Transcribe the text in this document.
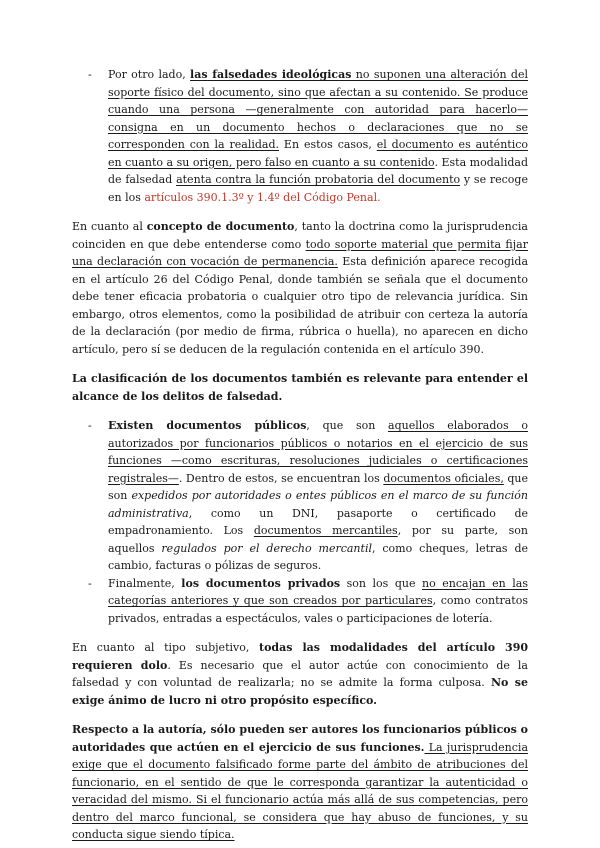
- Por otro lado, las falsedades ideológicas no suponen una alteración del soporte físico del documento, sino que afectan a su contenido. Se produce cuando una persona —generalmente con autoridad para hacerlo— consigna en un documento hechos o declaraciones que no se corresponden con la realidad. En estos casos, el documento es auténtico en cuanto a su origen, pero falso en cuanto a su contenido. Esta modalidad de falsedad atenta contra la función probatoria del documento y se recoge en los artículos 390.1.3º y 1.4º del Código Penal.

En cuanto al concepto de documento, tanto la doctrina como la jurisprudencia coinciden en que debe entenderse como todo soporte material que permita fijar una declaración con vocación de permanencia. Esta definición aparece recogida en el artículo 26 del Código Penal, donde también se señala que el documento debe tener eficacia probatoria o cualquier otro tipo de relevancia jurídica. Sin embargo, otros elementos, como la posibilidad de atribuir con certeza la autoría de la declaración (por medio de firma, rúbrica o huella), no aparecen en dicho artículo, pero sí se deducen de la regulación contenida en el artículo 390.

La clasificación de los documentos también es relevante para entender el alcance de los delitos de falsedad.

- Existen documentos públicos, que son aquellos elaborados o autorizados por funcionarios públicos o notarios en el ejercicio de sus funciones —como escrituras, resoluciones judiciales o certificaciones registrales—. Dentro de estos, se encuentran los documentos oficiales, que son expedidos por autoridades o entes públicos en el marco de su función administrativa, como un DNI, pasaporte o certificado de empadronamiento. Los documentos mercantiles, por su parte, son aquellos regulados por el derecho mercantil, como cheques, letras de cambio, facturas o pólizas de seguros.

- Finalmente, los documentos privados son los que no encajan en las categorías anteriores y que son creados por particulares, como contratos privados, entradas a espectáculos, vales o participaciones de lotería.

En cuanto al tipo subjetivo, todas las modalidades del artículo 390 requieren dolo. Es necesario que el autor actúe con conocimiento de la falsedad y con voluntad de realizarla; no se admite la forma culposa. No se exige ánimo de lucro ni otro propósito específico.

Respecto a la autoría, sólo pueden ser autores los funcionarios públicos o autoridades que actúen en el ejercicio de sus funciones. La jurisprudencia exige que el documento falsificado forme parte del ámbito de atribuciones del funcionario, en el sentido de que le corresponda garantizar la autenticidad o veracidad del mismo. Si el funcionario actúa más allá de sus competencias, pero dentro del marco funcional, se considera que hay abuso de funciones, y su conducta sigue siendo típica.
